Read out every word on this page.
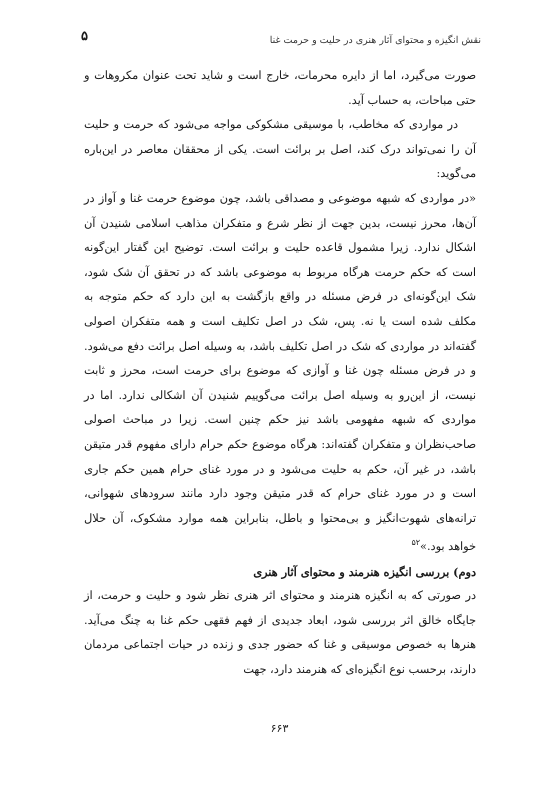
۵	نقش انگیزه و محتوای آثار هنری در حلیت و حرمت غنا

صورت می‌گیرد، اما از دایره محرمات، خارج است و شاید تحت عنوان مکروهات و حتی مباحات، به حساب آید.

در مواردی که مخاطب، با موسیقی مشکوکی مواجه می‌شود که حرمت و حلیت آن را نمی‌تواند درک کند، اصل بر برائت است. یکی از محققان معاصر در این‌باره می‌گوید:

«در مواردی که شبهه موضوعی و مصداقی باشد، چون موضوع حرمت غنا و آواز در آن‌ها، محرز نیست، بدین جهت از نظر شرع و متفکران مذاهب اسلامی شنیدن آن اشکال ندارد. زیرا مشمول قاعده حلیت و برائت است. توضیح این گفتار این‌گونه است که حکم حرمت هرگاه مربوط به موضوعی باشد که در تحقق آن شک شود، شک این‌گونه‌ای در فرض مسئله در واقع بازگشت به این دارد که حکم متوجه به مکلف شده است یا نه. پس، شک در اصل تکلیف است و همه متفکران اصولی گفته‌اند در مواردی که شک در اصل تکلیف باشد، به وسیله اصل برائت دفع می‌شود. و در فرض مسئله چون غنا و آوازی که موضوع برای حرمت است، محرز و ثابت نیست، از این‌رو به وسیله اصل برائت می‌گوییم شنیدن آن اشکالی ندارد. اما در مواردی که شبهه مفهومی باشد نیز حکم چنین است. زیرا در مباحث اصولی صاحب‌نظران و متفکران گفته‌اند: هرگاه موضوع حکم حرام دارای مفهوم قدر متیقن باشد، در غیر آن، حکم به حلیت می‌شود و در مورد غنای حرام همین حکم جاری است و در مورد غنای حرام که قدر متیقن وجود دارد مانند سرودهای شهوانی، ترانه‌های شهوت‌انگیز و بی‌محتوا و باطل، بنابراین همه موارد مشکوک، آن حلال خواهد بود.»$^{۵۲}$

دوم) بررسی انگیزه هنرمند و محتوای آثار هنری

در صورتی که به انگیزه هنرمند و محتوای اثر هنری نظر شود و حلیت و حرمت، از جایگاه خالق اثر بررسی شود، ابعاد جدیدی از فهم فقهی حکم غنا به چنگ می‌آید. هنرها به خصوص موسیقی و غنا که حضور جدی و زنده در حیات اجتماعی مردمان دارند، برحسب نوع انگیزه‌ای که هنرمند دارد، جهت

۶۶۳
